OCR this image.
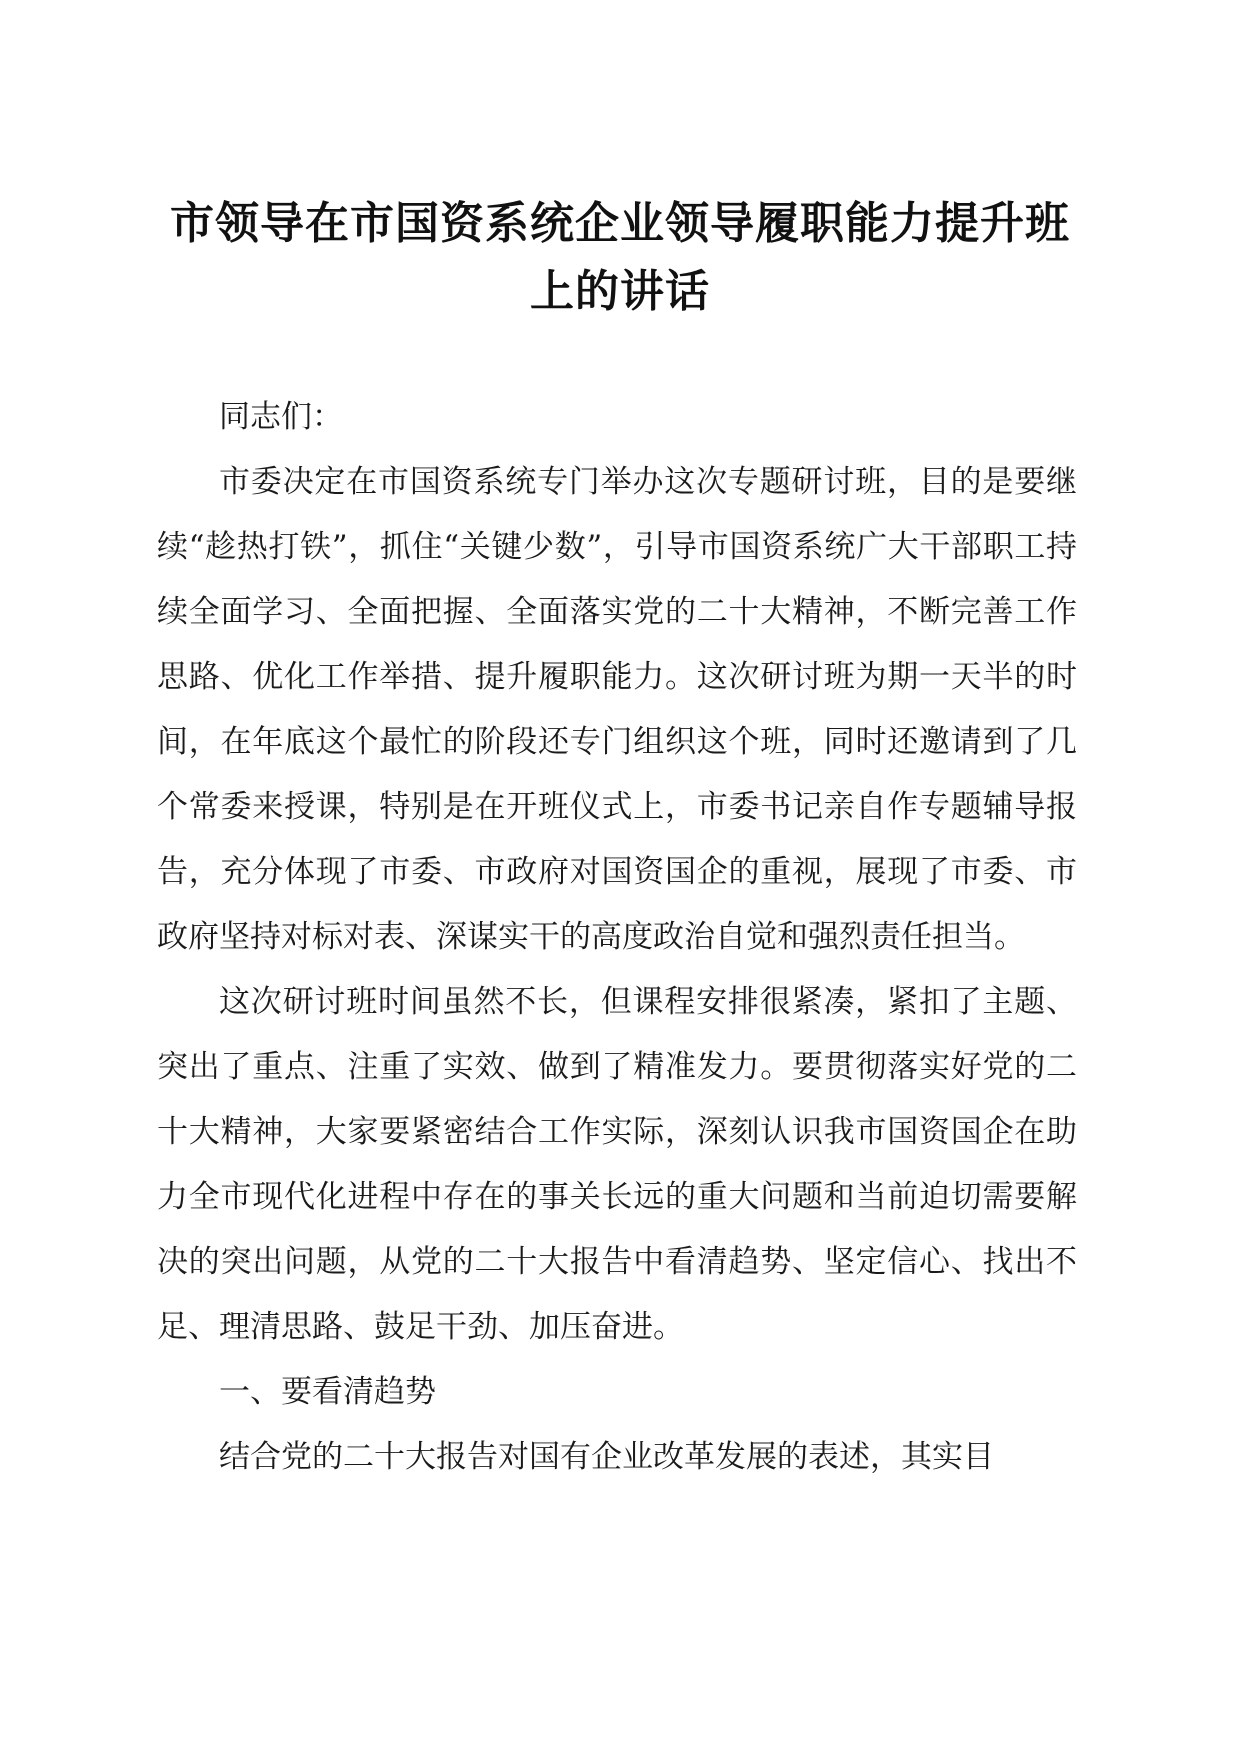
市领导在市国资系统企业领导履职能力提升班
上的讲话

同志们：

市委决定在市国资系统专门举办这次专题研讨班，目的是要继续“趁热打铁”，抓住“关键少数”，引导市国资系统广大干部职工持续全面学习、全面把握、全面落实党的二十大精神，不断完善工作思路、优化工作举措、提升履职能力。这次研讨班为期一天半的时间，在年底这个最忙的阶段还专门组织这个班，同时还邀请到了几个常委来授课，特别是在开班仪式上，市委书记亲自作专题辅导报告，充分体现了市委、市政府对国资国企的重视，展现了市委、市政府坚持对标对表、深谋实干的高度政治自觉和强烈责任担当。

这次研讨班时间虽然不长，但课程安排很紧凑，紧扣了主题、突出了重点、注重了实效、做到了精准发力。要贯彻落实好党的二十大精神，大家要紧密结合工作实际，深刻认识我市国资国企在助力全市现代化进程中存在的事关长远的重大问题和当前迫切需要解决的突出问题，从党的二十大报告中看清趋势、坚定信心、找出不足、理清思路、鼓足干劲、加压奋进。

一、要看清趋势

结合党的二十大报告对国有企业改革发展的表述，其实目
